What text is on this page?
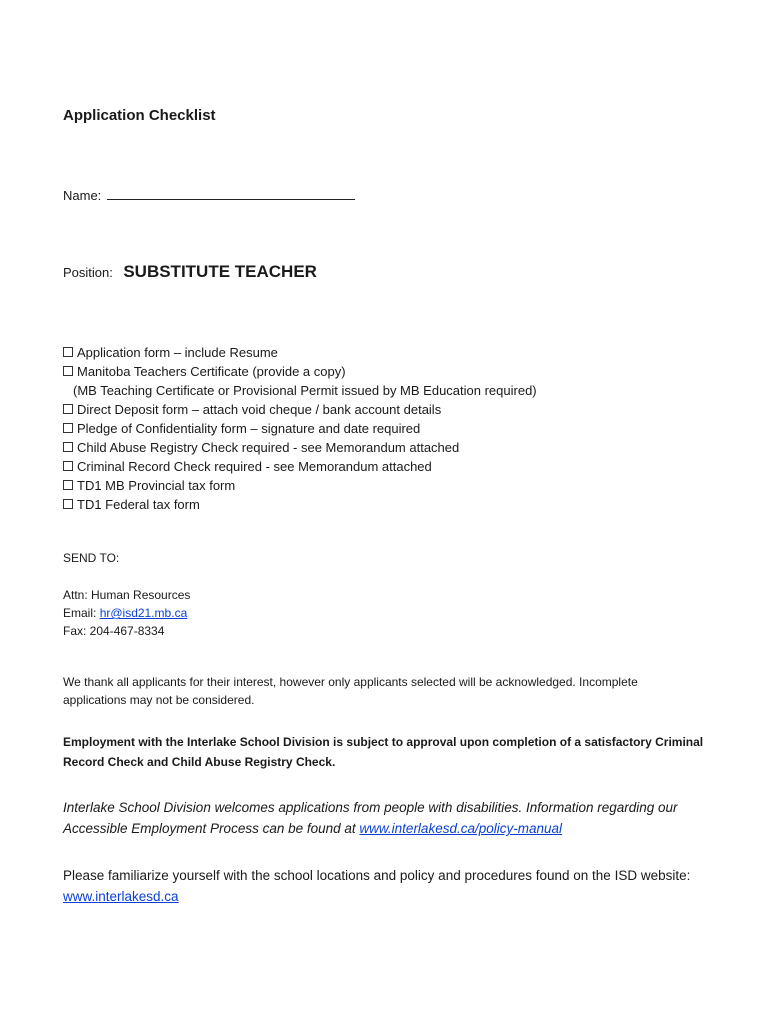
Application Checklist
Name:
Position: SUBSTITUTE TEACHER
Application form – include Resume
Manitoba Teachers Certificate (provide a copy)
(MB Teaching Certificate or Provisional Permit issued by MB Education required)
Direct Deposit form – attach void cheque / bank account details
Pledge of Confidentiality form – signature and date required
Child Abuse Registry Check required - see Memorandum attached
Criminal Record Check required - see Memorandum attached
TD1 MB Provincial tax form
TD1 Federal tax form
SEND TO:
Attn: Human Resources
Email: hr@isd21.mb.ca
Fax: 204-467-8334
We thank all applicants for their interest, however only applicants selected will be acknowledged. Incomplete applications may not be considered.
Employment with the Interlake School Division is subject to approval upon completion of a satisfactory Criminal Record Check and Child Abuse Registry Check.
Interlake School Division welcomes applications from people with disabilities. Information regarding our Accessible Employment Process can be found at www.interlakesd.ca/policy-manual
Please familiarize yourself with the school locations and policy and procedures found on the ISD website: www.interlakesd.ca
